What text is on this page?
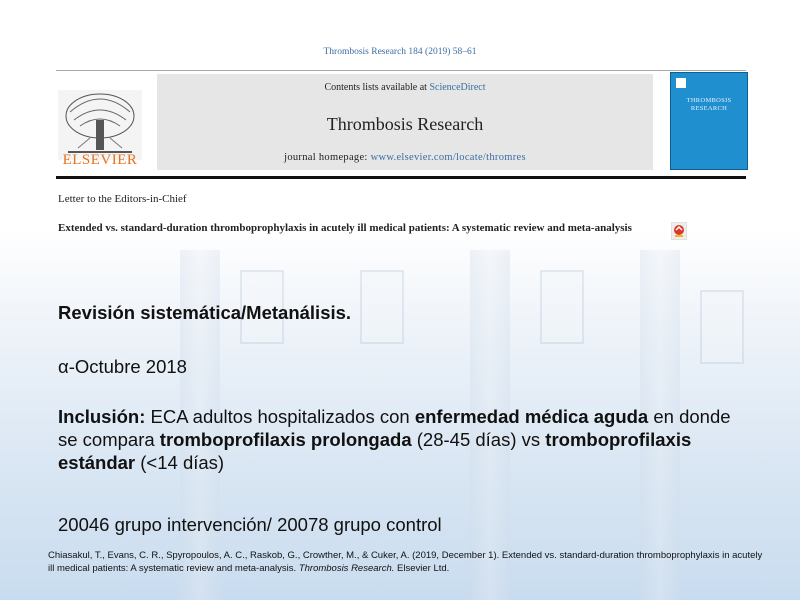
Thrombosis Research 184 (2019) 58–61
ELSEVIER
Contents lists available at ScienceDirect
Thrombosis Research
journal homepage: www.elsevier.com/locate/thromres
THROMBOSIS RESEARCH
Letter to the Editors-in-Chief
Extended vs. standard-duration thromboprophylaxis in acutely ill medical patients: A systematic review and meta-analysis
Revisión sistemática/Metanálisis.
α-Octubre 2018
Inclusión: ECA adultos hospitalizados con enfermedad médica aguda en donde se compara tromboprofilaxis prolongada (28-45 días) vs tromboprofilaxis estándar (<14 días)
20046 grupo intervención/ 20078 grupo control
Chiasakul, T., Evans, C. R., Spyropoulos, A. C., Raskob, G., Crowther, M., & Cuker, A. (2019, December 1). Extended vs. standard-duration thromboprophylaxis in acutely ill medical patients: A systematic review and meta-analysis. Thrombosis Research. Elsevier Ltd.
